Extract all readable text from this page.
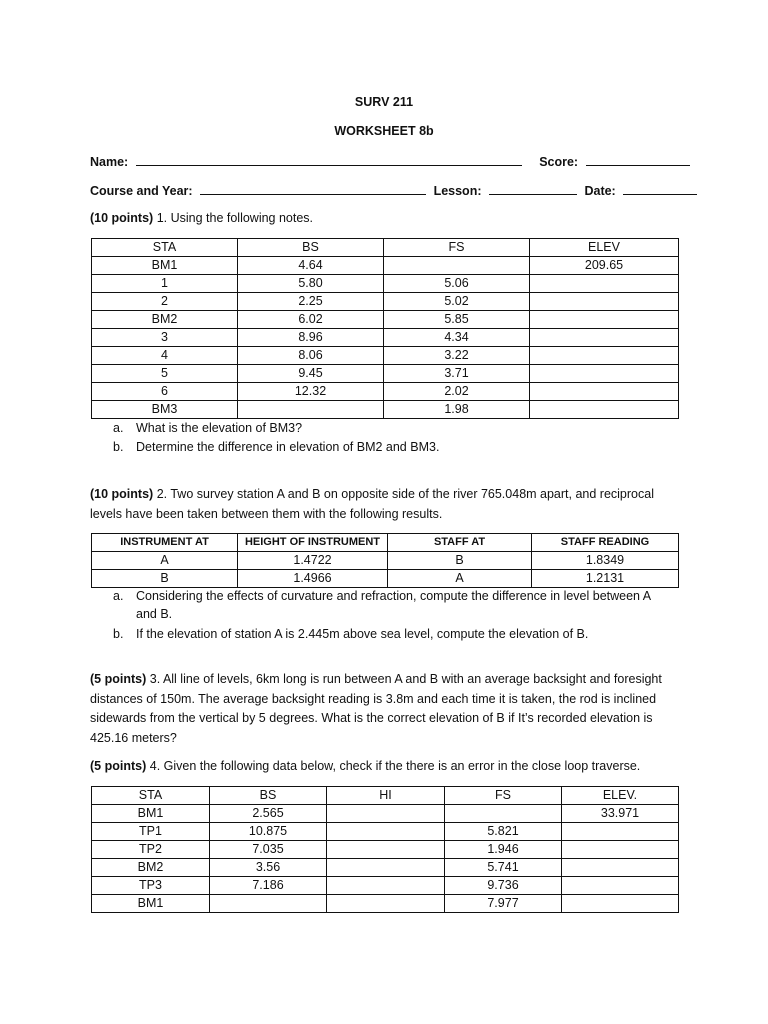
SURV 211
WORKSHEET 8b
Name:	Score:
Course and Year:	Lesson:	Date:
(10 points) 1. Using the following notes.
STA	BS	FS	ELEV
BM1	4.64		209.65
1	5.80	5.06	
2	2.25	5.02	
BM2	6.02	5.85	
3	8.96	4.34	
4	8.06	3.22	
5	9.45	3.71	
6	12.32	2.02	
BM3		1.98	
a. What is the elevation of BM3?
b. Determine the difference in elevation of BM2 and BM3.
(10 points) 2. Two survey station A and B on opposite side of the river 765.048m apart, and reciprocal
levels have been taken between them with the following results.
INSTRUMENT AT	HEIGHT OF INSTRUMENT	STAFF AT	STAFF READING
A	1.4722	B	1.8349
B	1.4966	A	1.2131
a. Considering the effects of curvature and refraction, compute the difference in level between A
and B.
b. If the elevation of station A is 2.445m above sea level, compute the elevation of B.
(5 points) 3. All line of levels, 6km long is run between A and B with an average backsight and foresight
distances of 150m. The average backsight reading is 3.8m and each time it is taken, the rod is inclined
sidewards from the vertical by 5 degrees. What is the correct elevation of B if It’s recorded elevation is
425.16 meters?
(5 points) 4. Given the following data below, check if the there is an error in the close loop traverse.
STA	BS	HI	FS	ELEV.
BM1	2.565			33.971
TP1	10.875		5.821	
TP2	7.035		1.946	
BM2	3.56		5.741	
TP3	7.186		9.736	
BM1			7.977	
